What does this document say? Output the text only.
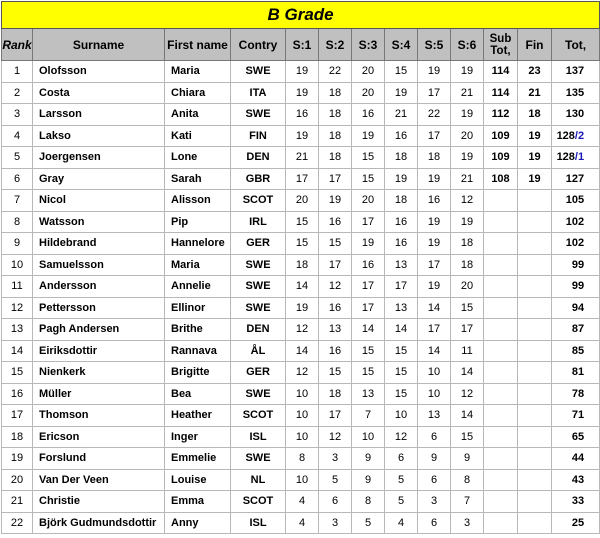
B Grade												
Rank	Surname	First name	Contry	S:1	S:2	S:3	S:4	S:5	S:6	Sub Tot,	Fin	Tot,
1	Olofsson	Maria	SWE	19	22	20	15	19	19	114	23	137
2	Costa	Chiara	ITA	19	18	20	19	17	21	114	21	135
3	Larsson	Anita	SWE	16	18	16	21	22	19	112	18	130
4	Lakso	Kati	FIN	19	18	19	16	17	20	109	19	128/2
5	Joergensen	Lone	DEN	21	18	15	18	18	19	109	19	128/1
6	Gray	Sarah	GBR	17	17	15	19	19	21	108	19	127
7	Nicol	Alisson	SCOT	20	19	20	18	16	12			105
8	Watsson	Pip	IRL	15	16	17	16	19	19			102
9	Hildebrand	Hannelore	GER	15	15	19	16	19	18			102
10	Samuelsson	Maria	SWE	18	17	16	13	17	18			99
11	Andersson	Annelie	SWE	14	12	17	17	19	20			99
12	Pettersson	Ellinor	SWE	19	16	17	13	14	15			94
13	Pagh Andersen	Brithe	DEN	12	13	14	14	17	17			87
14	Eiriksdottir	Rannava	ÅL	14	16	15	15	14	11			85
15	Nienkerk	Brigitte	GER	12	15	15	15	10	14			81
16	Müller	Bea	SWE	10	18	13	15	10	12			78
17	Thomson	Heather	SCOT	10	17	7	10	13	14			71
18	Ericson	Inger	ISL	10	12	10	12	6	15			65
19	Forslund	Emmelie	SWE	8	3	9	6	9	9			44
20	Van Der Veen	Louise	NL	10	5	9	5	6	8			43
21	Christie	Emma	SCOT	4	6	8	5	3	7			33
22	Björk Gudmundsdottir	Anny	ISL	4	3	5	4	6	3			25
